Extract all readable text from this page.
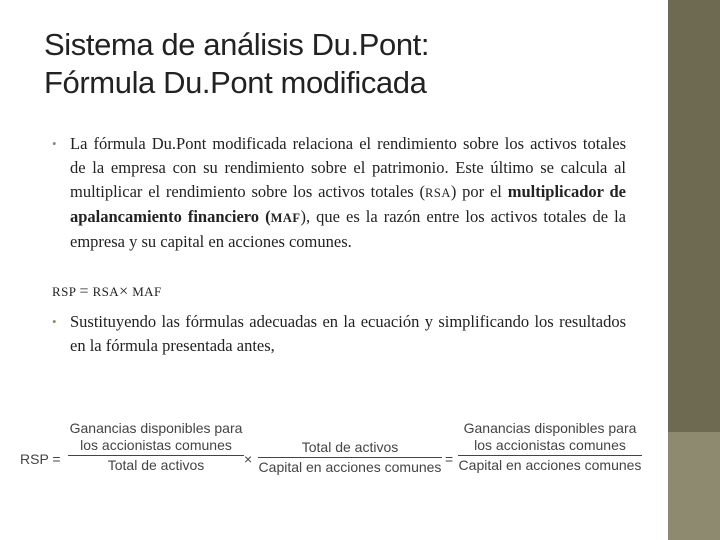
Sistema de análisis Du.Pont:
Fórmula Du.Pont modificada
• La fórmula Du.Pont modificada relaciona el rendimiento sobre los activos totales de la empresa con su rendimiento sobre el patrimonio. Este último se calcula al multiplicar el rendimiento sobre los activos totales (RSA) por el multiplicador de apalancamiento financiero (MAF), que es la razón entre los activos totales de la empresa y su capital en acciones comunes.
RSP = RSA× MAF
• Sustituyendo las fórmulas adecuadas en la ecuación y simplificando los resultados en la fórmula presentada antes,
RSP =
Ganancias disponibles para
los accionistas comunes
Total de activos	×
Total de activos
Capital en acciones comunes =
Ganancias disponibles para
los accionistas comunes
Capital en acciones comunes
